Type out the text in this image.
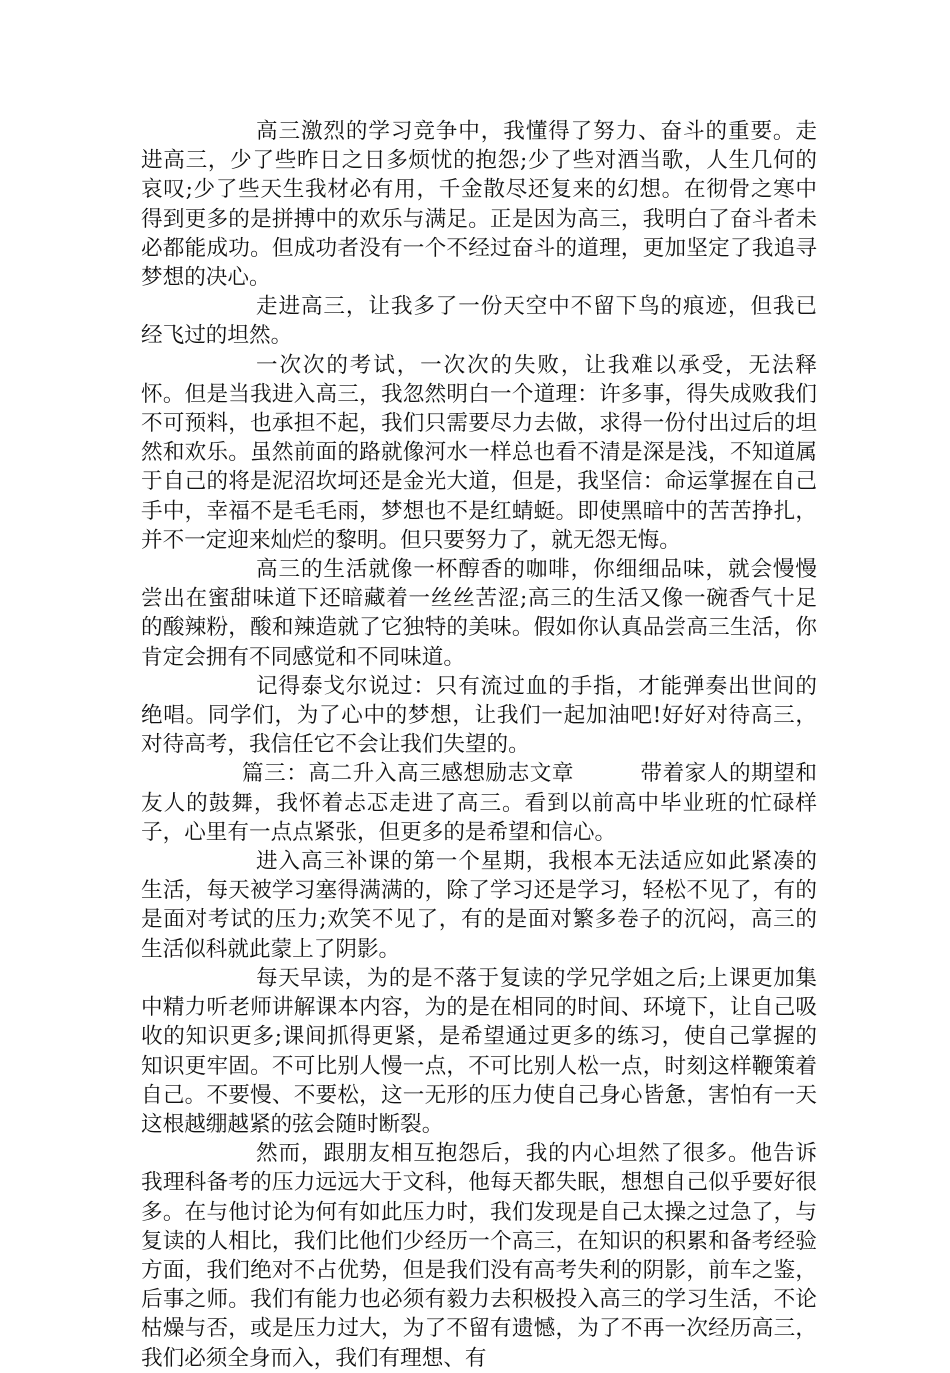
高三激烈的学习竞争中，我懂得了努力、奋斗的重要。走进高三，少了些昨日之日多烦忧的抱怨;少了些对酒当歌，人生几何的哀叹;少了些天生我材必有用，千金散尽还复来的幻想。在彻骨之寒中得到更多的是拼搏中的欢乐与满足。正是因为高三，我明白了奋斗者未必都能成功。但成功者没有一个不经过奋斗的道理，更加坚定了我追寻梦想的决心。

走进高三，让我多了一份天空中不留下鸟的痕迹，但我已经飞过的坦然。

一次次的考试，一次次的失败，让我难以承受，无法释怀。但是当我进入高三，我忽然明白一个道理：许多事，得失成败我们不可预料，也承担不起，我们只需要尽力去做，求得一份付出过后的坦然和欢乐。虽然前面的路就像河水一样总也看不清是深是浅，不知道属于自己的将是泥沼坎坷还是金光大道，但是，我坚信：命运掌握在自己手中，幸福不是毛毛雨，梦想也不是红蜻蜓。即使黑暗中的苦苦挣扎，并不一定迎来灿烂的黎明。但只要努力了，就无怨无悔。

高三的生活就像一杯醇香的咖啡，你细细品味，就会慢慢尝出在蜜甜味道下还暗藏着一丝丝苦涩;高三的生活又像一碗香气十足的酸辣粉，酸和辣造就了它独特的美味。假如你认真品尝高三生活，你肯定会拥有不同感觉和不同味道。

记得泰戈尔说过：只有流过血的手指，才能弹奏出世间的绝唱。同学们，为了心中的梦想，让我们一起加油吧!好好对待高三，对待高考，我信任它不会让我们失望的。

篇三：高二升入高三感想励志文章　　　带着家人的期望和友人的鼓舞，我怀着忐忑走进了高三。看到以前高中毕业班的忙碌样子，心里有一点点紧张，但更多的是希望和信心。

进入高三补课的第一个星期，我根本无法适应如此紧凑的生活，每天被学习塞得满满的，除了学习还是学习，轻松不见了，有的是面对考试的压力;欢笑不见了，有的是面对繁多卷子的沉闷，高三的生活似科就此蒙上了阴影。

每天早读，为的是不落于复读的学兄学姐之后;上课更加集中精力听老师讲解课本内容，为的是在相同的时间、环境下，让自己吸收的知识更多;课间抓得更紧，是希望通过更多的练习，使自己掌握的知识更牢固。不可比别人慢一点，不可比别人松一点，时刻这样鞭策着自己。不要慢、不要松，这一无形的压力使自己身心皆惫，害怕有一天这根越绷越紧的弦会随时断裂。

然而，跟朋友相互抱怨后，我的内心坦然了很多。他告诉我理科备考的压力远远大于文科，他每天都失眠，想想自己似乎要好很多。在与他讨论为何有如此压力时，我们发现是自己太操之过急了，与复读的人相比，我们比他们少经历一个高三，在知识的积累和备考经验方面，我们绝对不占优势，但是我们没有高考失利的阴影，前车之鉴，后事之师。我们有能力也必须有毅力去积极投入高三的学习生活，不论枯燥与否，或是压力过大，为了不留有遗憾，为了不再一次经历高三，我们必须全身而入，我们有理想、有
